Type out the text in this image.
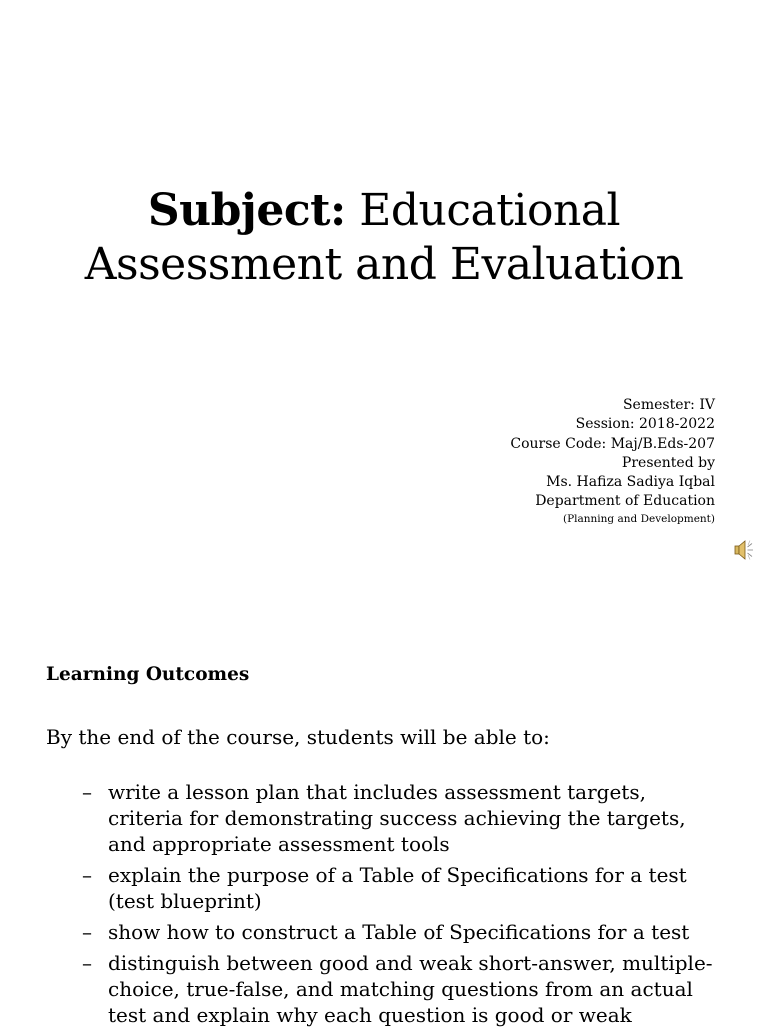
Subject: Educational
Assessment and Evaluation
Semester: IV
Session: 2018-2022
Course Code: Maj/B.Eds-207
Presented by
Ms. Hafiza Sadiya Iqbal
Department of Education
(Planning and Development)

Learning Outcomes

By the end of the course, students will be able to:

– write a lesson plan that includes assessment targets, criteria for demonstrating success achieving the targets, and appropriate assessment tools
– explain the purpose of a Table of Specifications for a test (test blueprint)
– show how to construct a Table of Specifications for a test
– distinguish between good and weak short-answer, multiple-choice, true-false, and matching questions from an actual test and explain why each question is good or weak
